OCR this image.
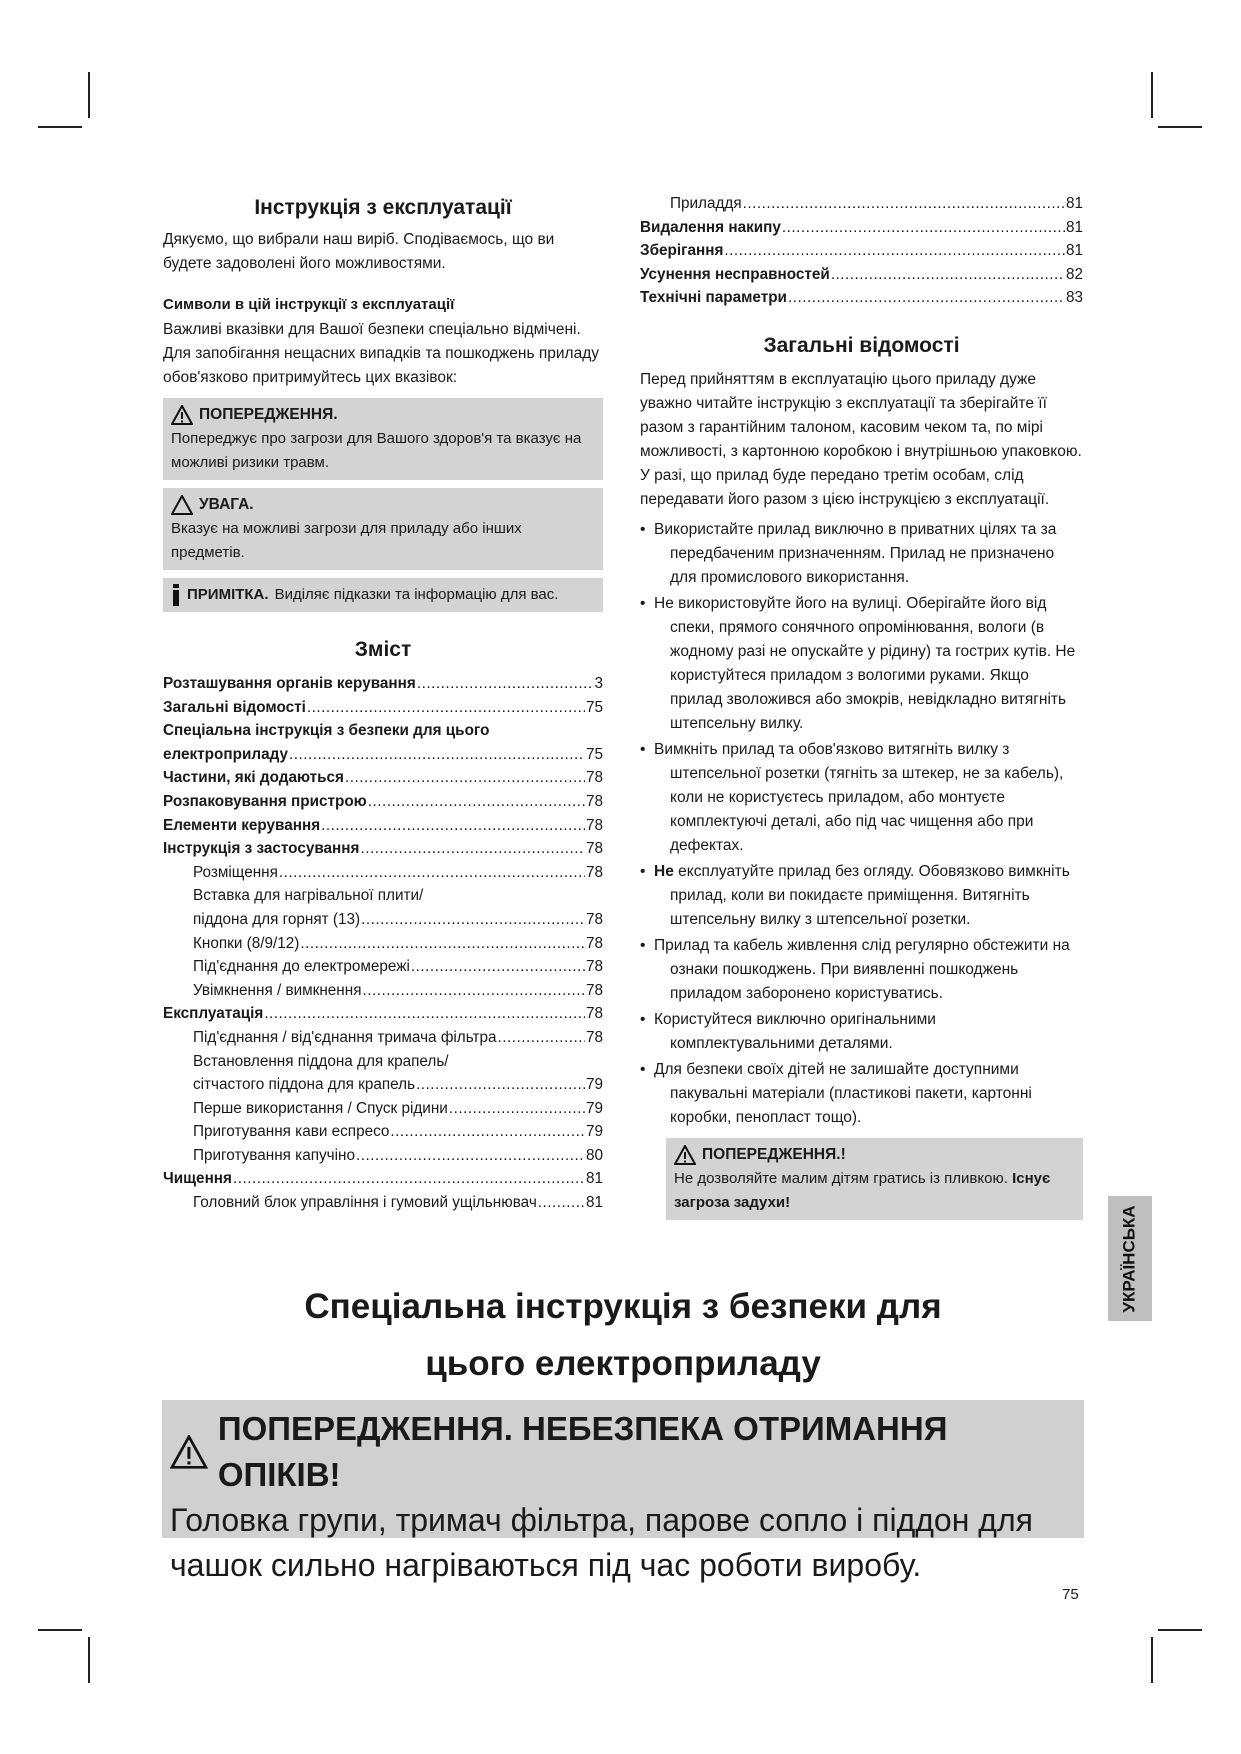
Інструкція з експлуатації

Дякуємо, що вибрали наш виріб. Сподіваємось, що ви будете задоволені його можливостями.

Символи в цій інструкції з експлуатації

Важливі вказівки для Вашої безпеки спеціально відмічені. Для запобігання нещасних випадків та пошкоджень приладу обов'язково притримуйтесь цих вказівок:

ПОПЕРЕДЖЕННЯ.
Попереджує про загрози для Вашого здоров'я та вказує на можливі ризики травм.
УВАГА.
Вказує на можливі загрози для приладу або інших предметів.
ПРИМІТКА. Виділяє підказки та інформацію для вас.
Зміст
Розташування органів керування .....	3
Загальні відомості .....	75
Спеціальна інструкція з безпеки для цього
електроприладу .....	75
Частини, які додаються .....	78
Розпаковування пристрою .....	78
Елементи керування .....	78
Інструкція з застосування .....	78
Розміщення .....	78
Вставка для нагрівальної плити/
піддона для горнят (13) .....	78
Кнопки (8/9/12) .....	78
Під'єднання до електромережі .....	78
Увімкнення / вимкнення .....	78
Експлуатація .....	78
Під'єднання / від'єднання тримача фільтра .....	78
Встановлення піддона для крапель/
сітчастого піддона для крапель .....	79
Перше використання / Спуск рідини .....	79
Приготування кави еспресо .....	79
Приготування капучіно .....	80
Чищення .....	81
Головний блок управління і гумовий ущільнювач .....	81
Приладдя .....	81
Видалення накипу .....	81
Зберігання .....	81
Усунення несправностей .....	82
Технічні параметри .....	83
Загальні відомості

Перед прийняттям в експлуатацію цього приладу дуже уважно читайте інструкцію з експлуатації та зберігайте її разом з гарантійним талоном, касовим чеком та, по мірі можливості, з картонною коробкою і внутрішньою упаковкою. У разі, що прилад буде передано третім особам, слід передавати його разом з цією інструкцією з експлуатації.

• Використайте прилад виключно в приватних цілях та за передбаченим призначенням. Прилад не призначено для промислового використання.
• Не використовуйте його на вулиці. Оберігайте його від спеки, прямого сонячного опромінювання, вологи (в жодному разі не опускайте у рідину) та гострих кутів. Не користуйтеся приладом з вологими руками. Якщо прилад зволожився або змокрів, невідкладно витягніть штепсельну вилку.
• Вимкніть прилад та обов'язково витягніть вилку з штепсельної розетки (тягніть за штекер, не за кабель), коли не користуєтесь приладом, або монтуєте комплектуючі деталі, або під час чищення або при дефектах.
• Не експлуатуйте прилад без огляду. Обовязково вимкніть прилад, коли ви покидаєте приміщення. Витягніть штепсельну вилку з штепсельної розетки.
• Прилад та кабель живлення слід регулярно обстежити на ознаки пошкоджень. При виявленні пошкоджень приладом заборонено користуватись.
• Користуйтеся виключно оригінальними комплектувальними деталями.
• Для безпеки своїх дітей не залишайте доступними пакувальні матеріали (пластикові пакети, картонні коробки, пенопласт тощо).
ПОПЕРЕДЖЕННЯ.!
Не дозволяйте малим дітям гратись із пливкою. Існує загроза задухи!
УКРАЇНСЬКА
Спеціальна інструкція з безпеки для
цього електроприладу
ПОПЕРЕДЖЕННЯ. НЕБЕЗПЕКА ОТРИМАННЯ ОПІКІВ!
Головка групи, тримач фільтра, парове сопло і піддон для чашок сильно нагріваються під час роботи виробу.
75
